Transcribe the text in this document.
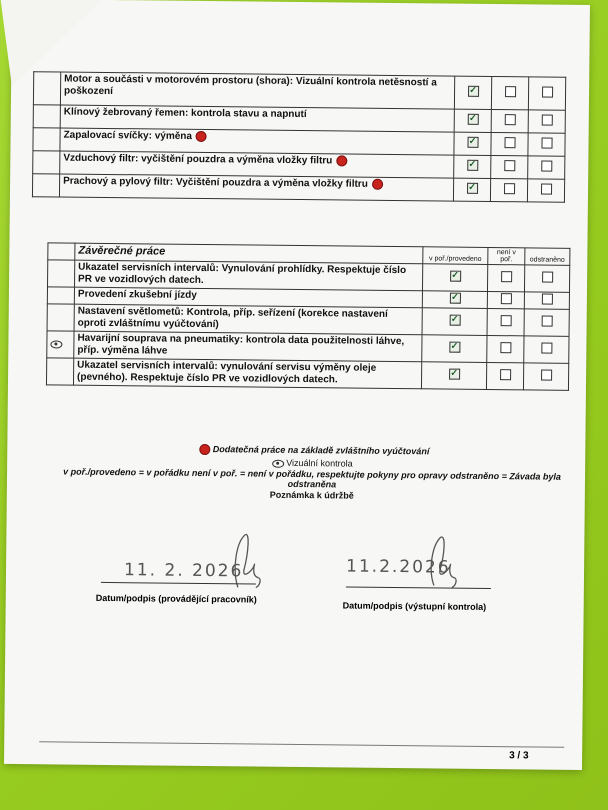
	Motor a součásti v motorovém prostoru (shora): Vizuální kontrola netěsností a poškození	✓		
	Klínový žebrovaný řemen: kontrola stavu a napnutí	✓		
	Zapalovací svíčky: výměna	✓		
	Vzduchový filtr: vyčištění pouzdra a výměna vložky filtru	✓		
	Prachový a pylový filtr: Vyčištění pouzdra a výměna vložky filtru	✓		
	Závěrečné práce	v poř./provedeno	není v poř.	odstraněno
	Ukazatel servisních intervalů: Vynulování prohlídky. Respektuje číslo PR ve vozidlových datech.	✓		
	Provedení zkušební jízdy	✓		
	Nastavení světlometů: Kontrola, příp. seřízení (korekce nastavení oproti zvláštnímu vyúčtování)	✓		
	Havarijní souprava na pneumatiky: kontrola data použitelnosti láhve, příp. výměna láhve	✓		
	Ukazatel servisních intervalů: vynulování servisu výměny oleje (pevného). Respektuje číslo PR ve vozidlových datech.	✓		
Dodatečná práce na základě zvláštního vyúčtování
Vizuální kontrola
v poř./provedeno = v pořádku není v poř. = není v pořádku, respektujte pokyny pro opravy odstraněno = Závada byla odstraněna
Poznámka k údržbě
11. 2. 2026	11.2.2026
Datum/podpis (provádějící pracovník)
Datum/podpis (výstupní kontrola)
3 / 3
